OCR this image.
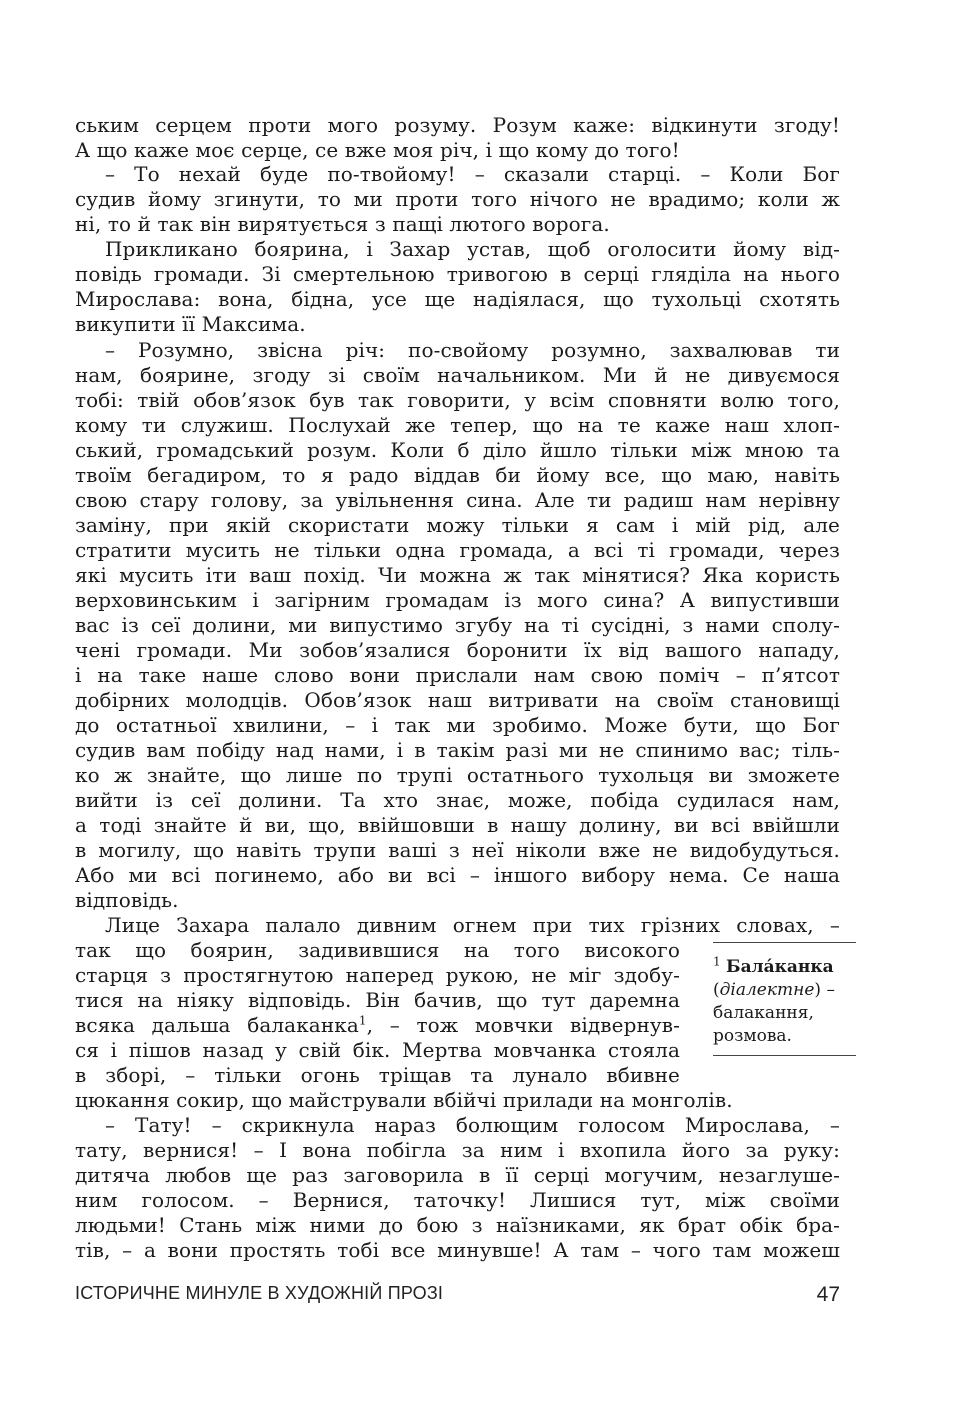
ським серцем проти мого розуму. Розум каже: відкинути згоду!

А що каже моє серце, се вже моя річ, і що кому до того!

– То нехай буде по-твойому! – сказали старці. – Коли Бог

судив йому згинути, то ми проти того нічого не врадимо; коли ж

ні, то й так він вирятується з пащі лютого ворога.

Прикликано боярина, і Захар устав, щоб оголосити йому від-

повідь громади. Зі смертельною тривогою в серці гляділа на нього

Мирослава: вона, бідна, усе ще надіялася, що тухольці схотять

викупити її Максима.

– Розумно, звісна річ: по-свойому розумно, захвалював ти

нам, боярине, згоду зі своїм начальником. Ми й не дивуємося

тобі: твій обов’язок був так говорити, у всім сповняти волю того,

кому ти служиш. Послухай же тепер, що на те каже наш хлоп-

ський, громадський розум. Коли б діло йшло тільки між мною та

твоїм бегадиром, то я радо віддав би йому все, що маю, навіть

свою стару голову, за увільнення сина. Але ти радиш нам нерівну

заміну, при якій скористати можу тільки я сам і мій рід, але

стратити мусить не тільки одна громада, а всі ті громади, через

які мусить іти ваш похід. Чи можна ж так мінятися? Яка користь

верховинським і загірним громадам із мого сина? А випустивши

вас із сеї долини, ми випустимо згубу на ті сусідні, з нами сполу-

чені громади. Ми зобов’язалися боронити їх від вашого нападу,

і на таке наше слово вони прислали нам свою поміч – п’ятсот

добірних молодців. Обов’язок наш витривати на своїм становищі

до остатньої хвилини, – і так ми зробимо. Може бути, що Бог

судив вам побіду над нами, і в такім разі ми не спинимо вас; тіль-

ко ж знайте, що лише по трупі остатнього тухольця ви зможете

вийти із сеї долини. Та хто знає, може, побіда судилася нам,

а тоді знайте й ви, що, ввійшовши в нашу долину, ви всі ввійшли

в могилу, що навіть трупи ваші з неї ніколи вже не видобудуться.

Або ми всі погинемо, або ви всі – іншого вибору нема. Се наша

відповідь.

Лице Захара палало дивним огнем при тих грізних словах, –

так що боярин, задивившися на того високого

старця з простягнутою наперед рукою, не міг здобу-

тися на ніяку відповідь. Він бачив, що тут даремна

всяка дальша балаканка$^1$, – тож мовчки відвернув-

ся і пішов назад у свій бік. Мертва мовчанка стояла

в зборі, – тільки огонь тріщав та лунало вбивне

цюкання сокир, що майстрували вбійчі прилади на монголів.

– Тату! – скрикнула нараз болющим голосом Мирослава, –

тату, вернися! – І вона побігла за ним і вхопила його за руку:

дитяча любов ще раз заговорила в її серці могучим, незаглуше-

ним голосом. – Вернися, таточку! Лишися тут, між своїми

людьми! Стань між ними до бою з наїзниками, як брат обік бра-

тів, – а вони простять тобі все минувше! А там – чого там можеш

$^1$ Бала́канка
(діалектне) –
балакання,
розмова.
ІСТОРИЧНЕ МИНУЛЕ В ХУДОЖНІЙ ПРОЗІ	47
